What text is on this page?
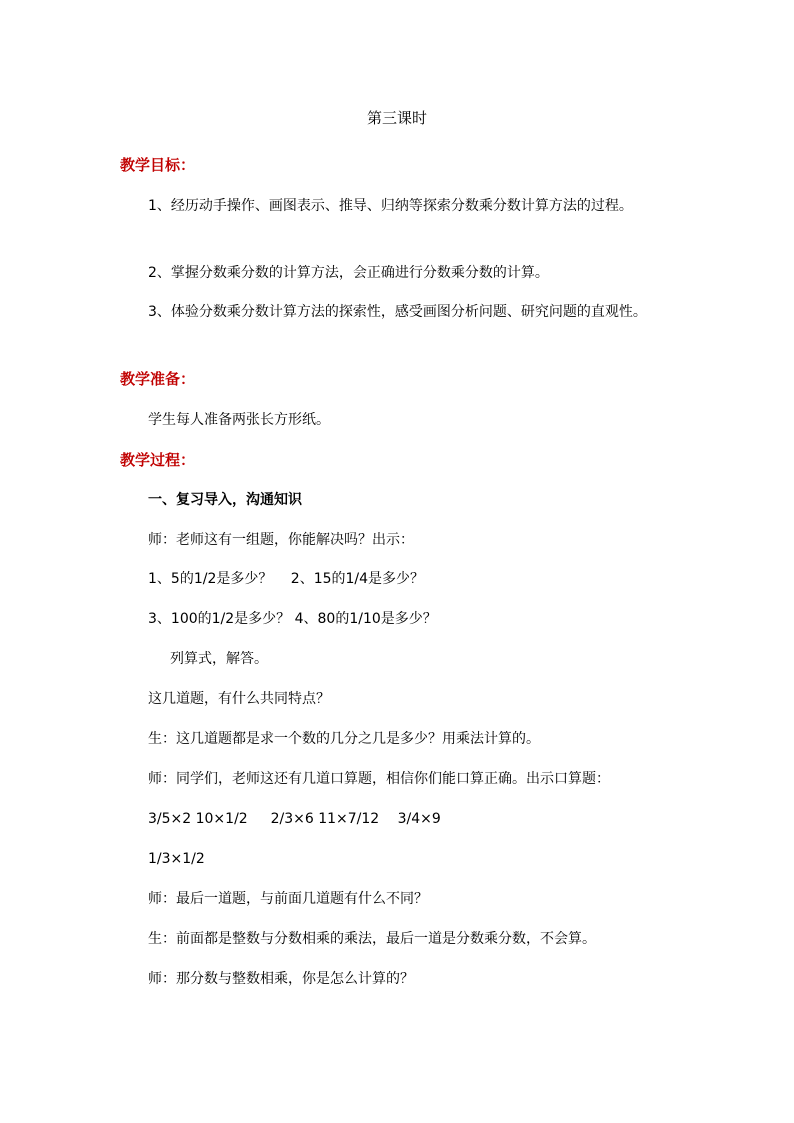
第三课时
教学目标：
1、经历动手操作、画图表示、推导、归纳等探索分数乘分数计算方法的过程。
2、掌握分数乘分数的计算方法，会正确进行分数乘分数的计算。
3、体验分数乘分数计算方法的探索性，感受画图分析问题、研究问题的直观性。
教学准备：
学生每人准备两张长方形纸。
教学过程：
一、复习导入，沟通知识
师：老师这有一组题，你能解决吗？出示：
1、5的1/2是多少？　 2、15的1/4是多少？
3、100的1/2是多少？ 4、80的1/10是多少？
列算式，解答。
这几道题，有什么共同特点？
生：这几道题都是求一个数的几分之几是多少？用乘法计算的。
师：同学们，老师这还有几道口算题，相信你们能口算正确。出示口算题：
3/5×2 10×1/2 　 2/3×6 11×7/12 　3/4×9
1/3×1/2
师：最后一道题，与前面几道题有什么不同？
生：前面都是整数与分数相乘的乘法，最后一道是分数乘分数，不会算。
师：那分数与整数相乘，你是怎么计算的？
